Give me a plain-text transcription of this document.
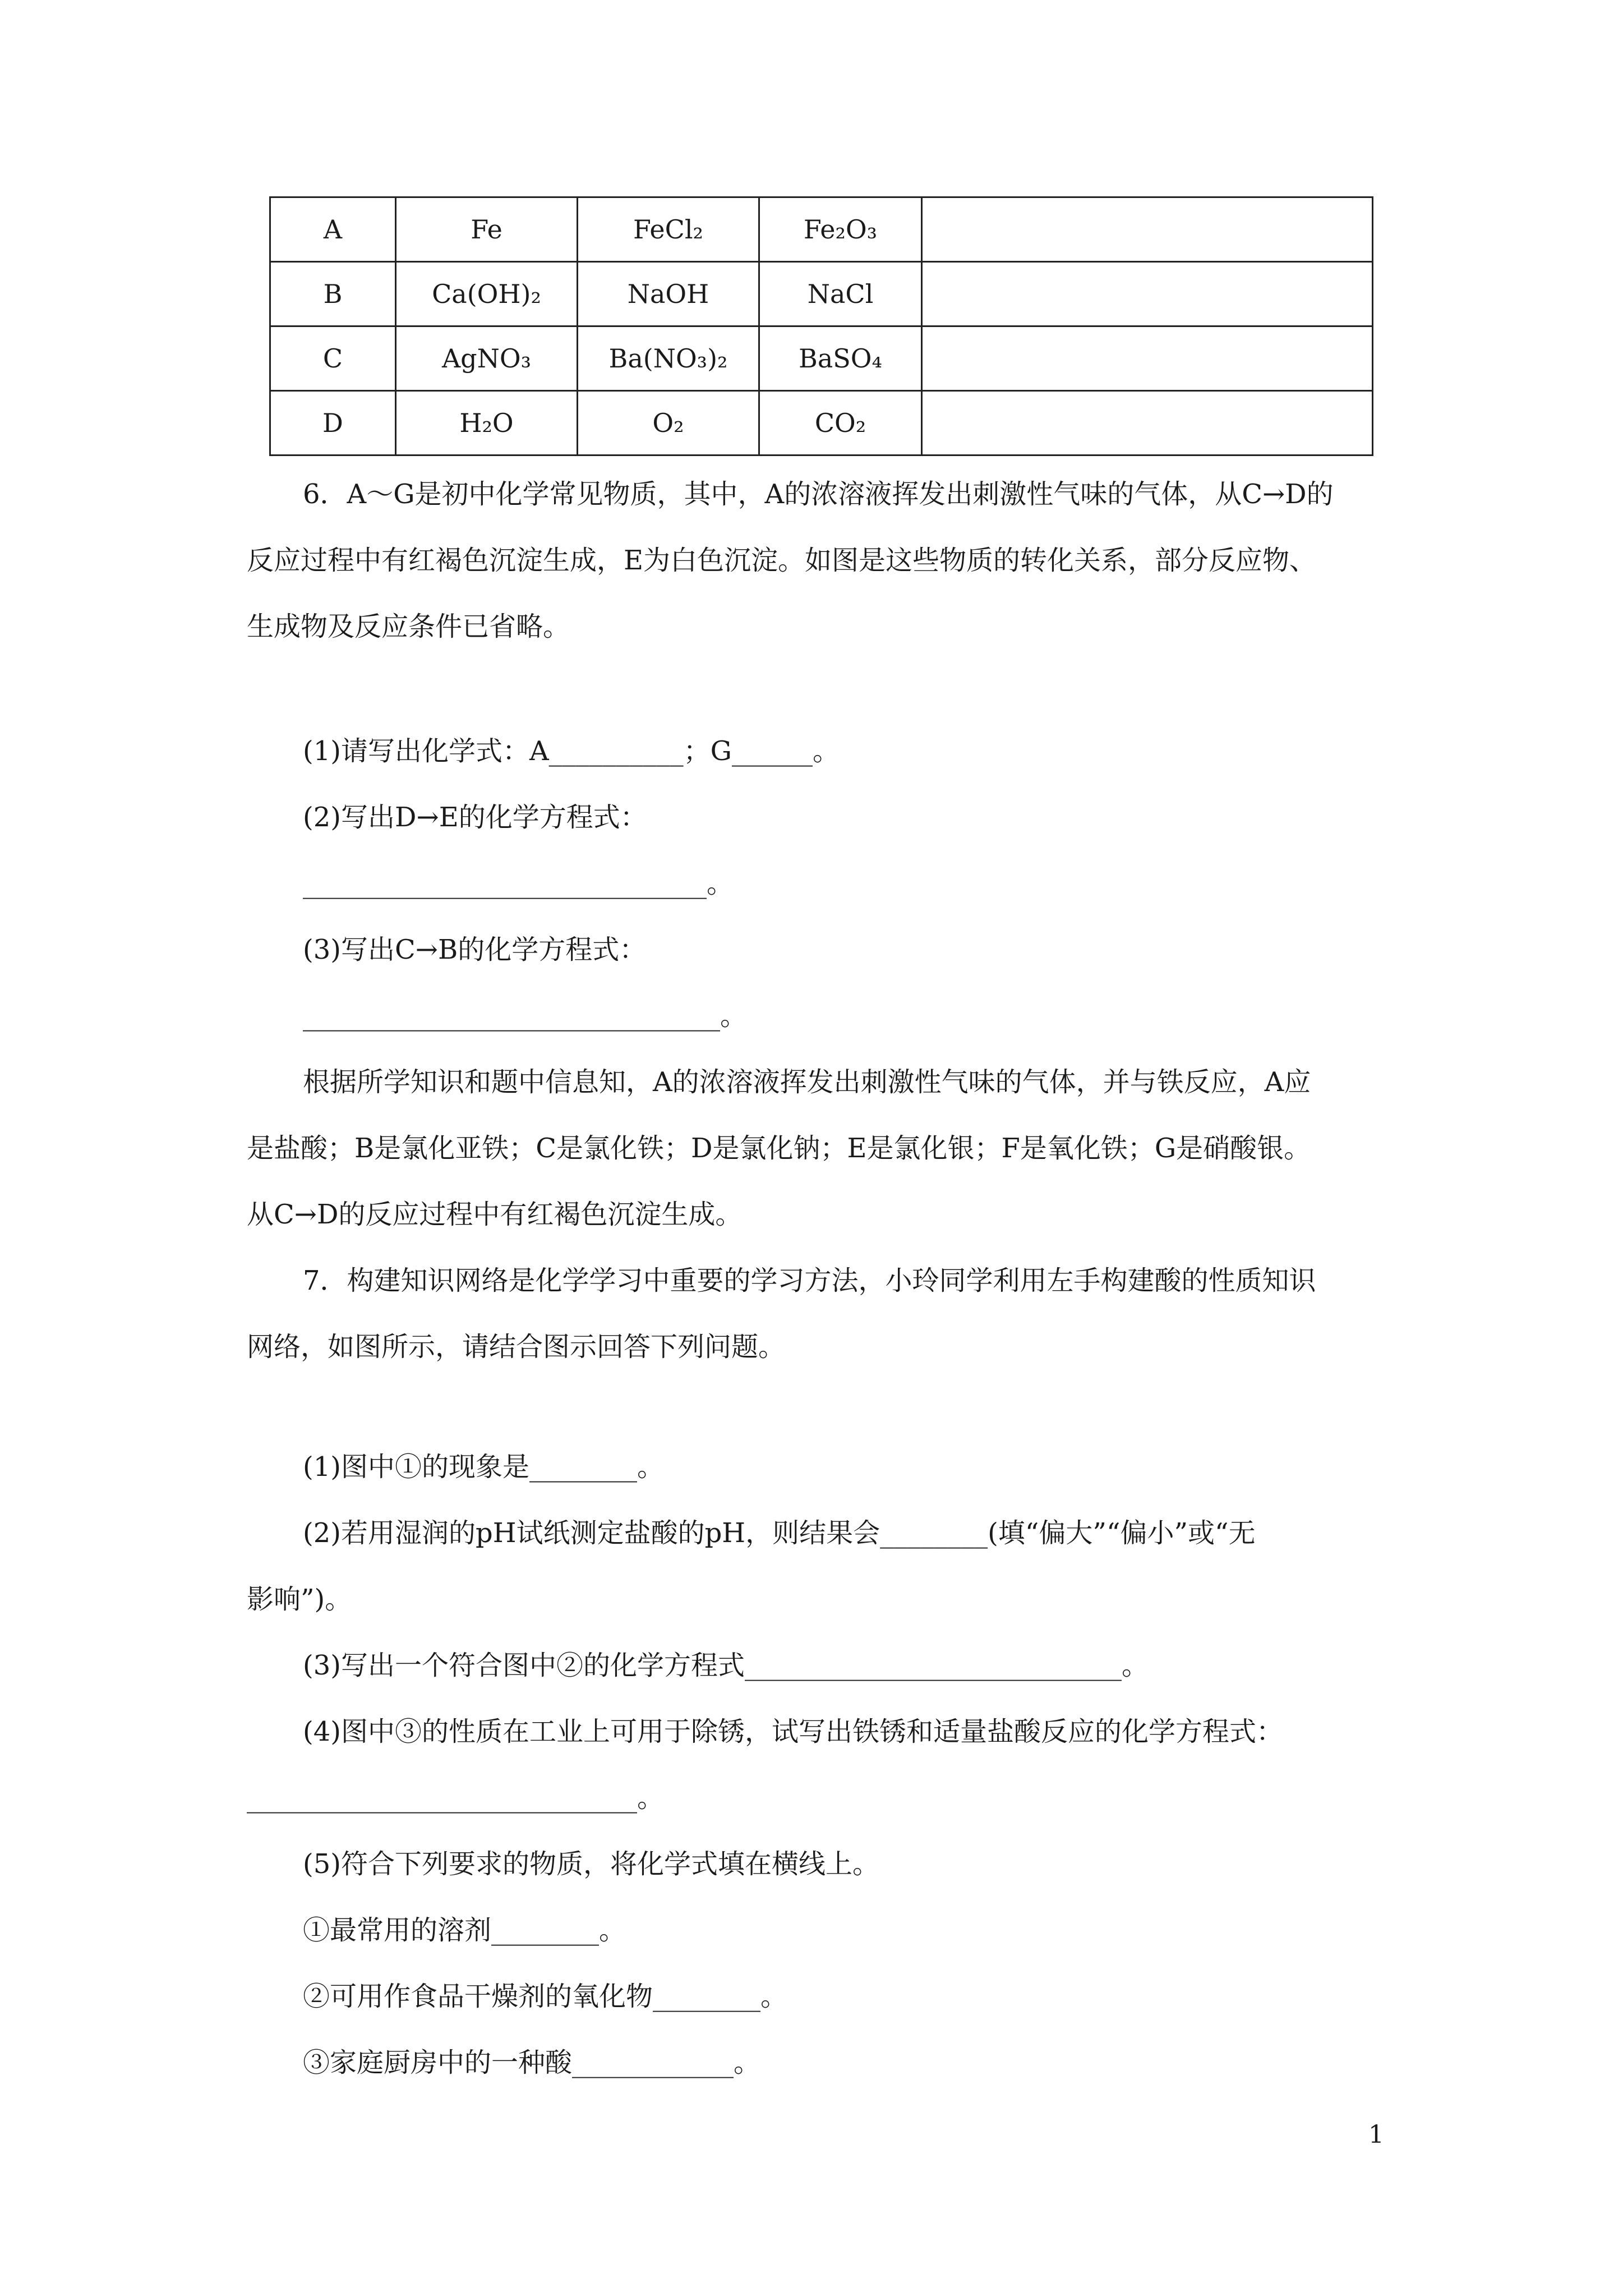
A	Fe	FeCl₂	Fe₂O₃	
B	Ca(OH)₂	NaOH	NaCl	
C	AgNO₃	Ba(NO₃)₂	BaSO₄	
D	H₂O	O₂	CO₂	
6．A～G是初中化学常见物质，其中，A的浓溶液挥发出刺激性气味的气体，从C→D的
反应过程中有红褐色沉淀生成，E为白色沉淀。如图是这些物质的转化关系，部分反应物、
生成物及反应条件已省略。
(1)请写出化学式：A__________；G______。
(2)写出D→E的化学方程式：
______________________________。
(3)写出C→B的化学方程式：
_______________________________。
根据所学知识和题中信息知，A的浓溶液挥发出刺激性气味的气体，并与铁反应，A应
是盐酸；B是氯化亚铁；C是氯化铁；D是氯化钠；E是氯化银；F是氧化铁；G是硝酸银。
从C→D的反应过程中有红褐色沉淀生成。
7．构建知识网络是化学学习中重要的学习方法，小玲同学利用左手构建酸的性质知识
网络，如图所示，请结合图示回答下列问题。
(1)图中①的现象是________。
(2)若用湿润的pH试纸测定盐酸的pH，则结果会________(填“偏大”“偏小”或“无
影响”)。
(3)写出一个符合图中②的化学方程式____________________________。
(4)图中③的性质在工业上可用于除锈，试写出铁锈和适量盐酸反应的化学方程式：
_____________________________。
(5)符合下列要求的物质，将化学式填在横线上。
①最常用的溶剂________。
②可用作食品干燥剂的氧化物________。
③家庭厨房中的一种酸____________。
1
